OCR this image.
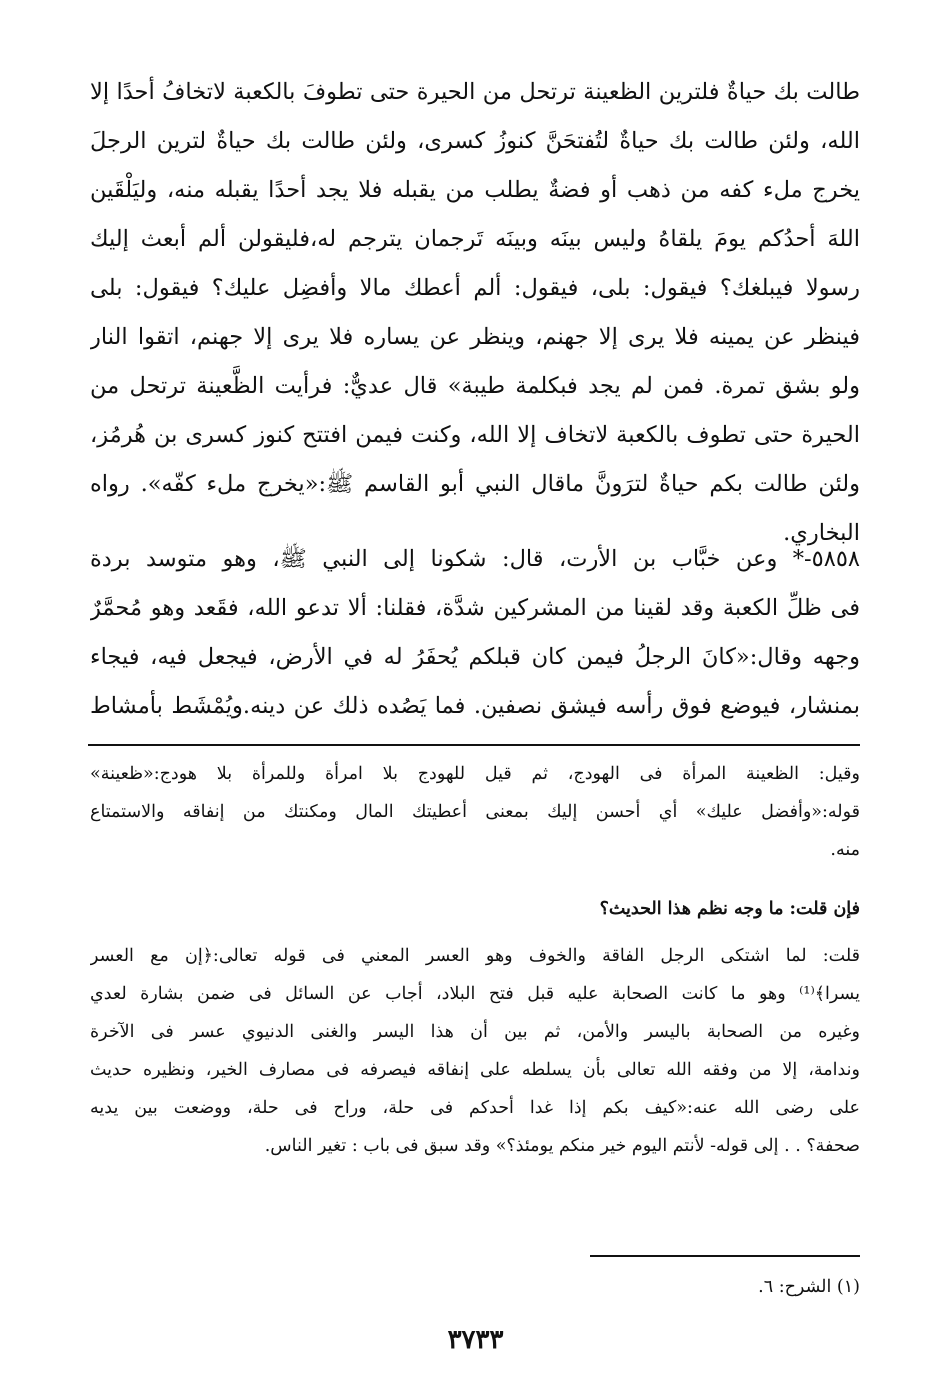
طالت بك حياةٌ فلترين الظعينة ترتحل من الحيرة حتى تطوفَ بالكعبة لاتخافُ أحدًا إلا
الله، ولئن طالت بك حياةٌ لتُفتحَنَّ كنوزُ كسرى، ولئن طالت بك حياةٌ لترين الرجلَ
يخرج ملء كفه من ذهب أو فضةٌ يطلب من يقبله فلا يجد أحدًا يقبله منه، وليَلْقَين
اللهَ أحدُكم يومَ يلقاهُ وليس بينَه وبينَه تَرجمان يترجم له،فليقولن ألم أبعث إليك
رسولا فيبلغك؟ فيقول: بلى، فيقول: ألم أعطك مالا وأفضِل عليك؟ فيقول: بلى
فينظر عن يمينه فلا يرى إلا جهنم، وينظر عن يساره فلا يرى إلا جهنم، اتقوا النار
ولو بشق تمرة. فمن لم يجد فبكلمة طيبة» قال عديٌّ: فرأيت الظَّعينة ترتحل من
الحيرة حتى تطوف بالكعبة لاتخاف إلا الله، وكنت فيمن افتتح كنوز كسرى بن هُرمُز،
ولئن طالت بكم حياةٌ لترَونَّ ماقال النبي أبو القاسم ﷺ:«يخرج ملء كفّه». رواه
البخاري.
٥٨٥٨-* وعن خبَّاب بن الأرت، قال: شكونا إلى النبي ﷺ، وهو متوسد بردة
فى ظلِّ الكعبة وقد لقينا من المشركين شدَّة، فقلنا: ألا تدعو الله، فقَعد وهو مُحمَّرٌ
وجهه وقال:«كانَ الرجلُ فيمن كان قبلكم يُحفَرُ له في الأرض، فيجعل فيه، فيجاء
بمنشار، فيوضع فوق رأسه فيشق نصفين. فما يَصُده ذلك عن دينه.ويُمْشَط بأمشاط
وقيل: الظعينة المرأة فى الهودج، ثم قيل للهودج بلا امرأة وللمرأة بلا هودج:«ظعينة»
قوله:«وأفضل عليك» أي أحسن إليك بمعنى أعطيتك المال ومكنتك من إنفاقه والاستمتاع
منه.
فإن قلت: ما وجه نظم هذا الحديث؟
قلت: لما اشتكى الرجل الفاقة والخوف وهو العسر المعني فى قوله تعالى:﴿إن مع العسر
يسرا﴾⁽¹⁾ وهو ما كانت الصحابة عليه قبل فتح البلاد، أجاب عن السائل فى ضمن بشارة لعدي
وغيره من الصحابة باليسر والأمن، ثم بين أن هذا اليسر والغنى الدنيوي عسر فى الآخرة
وندامة، إلا من وفقه الله تعالى بأن يسلطه على إنفاقه فيصرفه فى مصارف الخير، ونظيره حديث
على رضى الله عنه:«كيف بكم إذا غدا أحدكم فى حلة، وراح فى حلة، ووضعت بين يديه
صحفة؟ . . إلى قوله- لأنتم اليوم خير منكم يومئذ؟» وقد سبق فى باب : تغير الناس.
(١) الشرح: ٦.
٣٧٣٣
